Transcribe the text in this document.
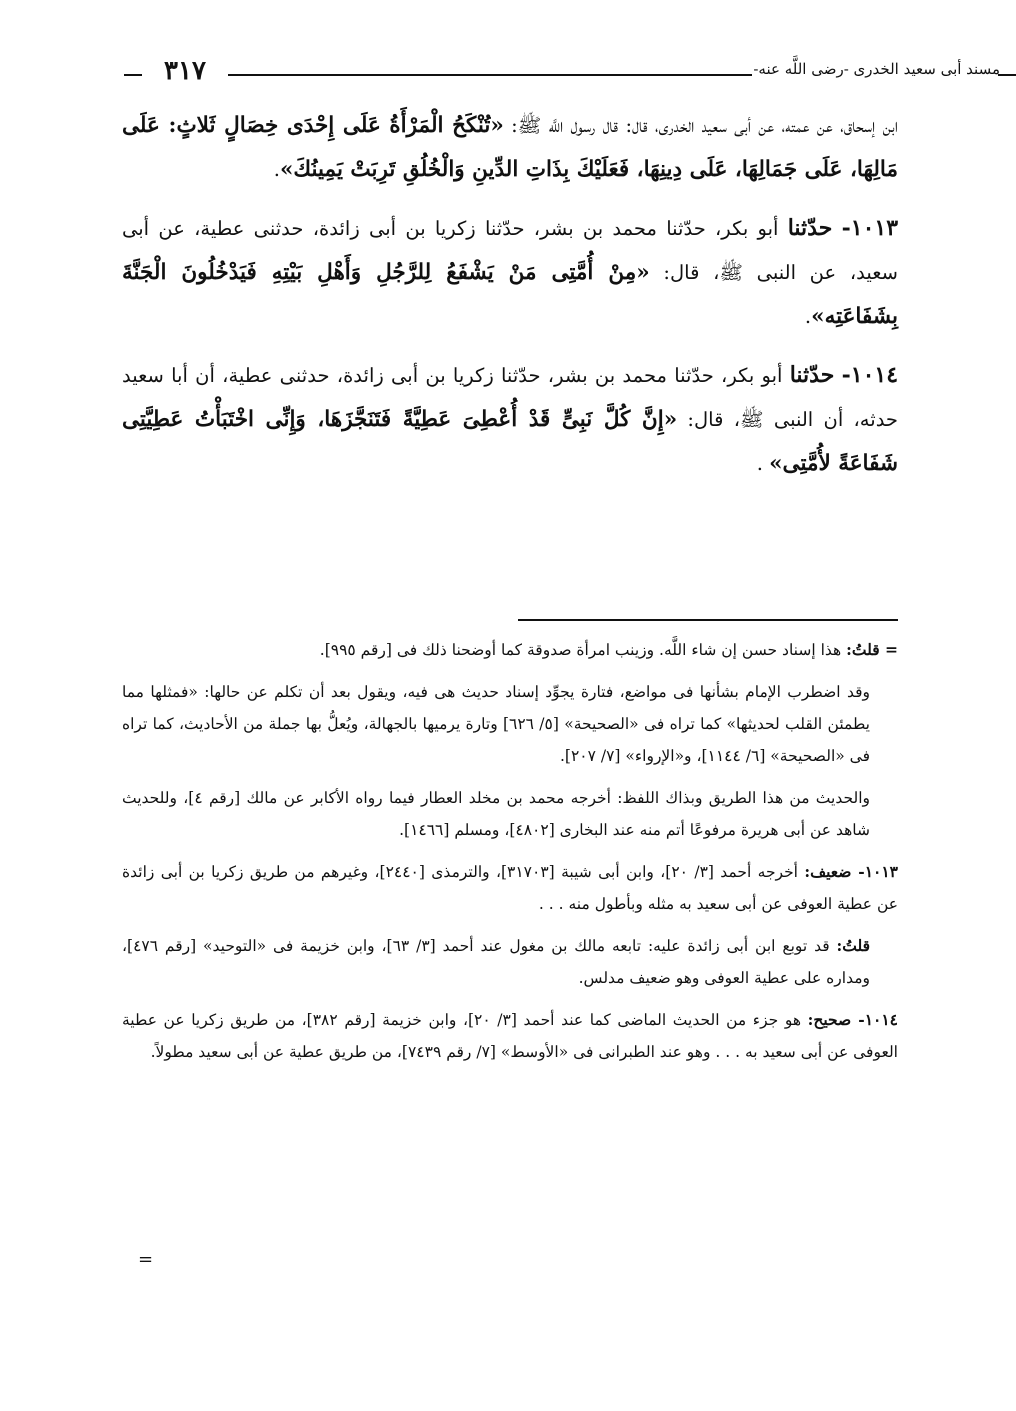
٣١٧	مسند أبى سعيد الخدرى -رضى اللَّه عنه-

ابن إسحاق، عن عمته، عن أبى سعيد الخدرى، قال: قال رسول اللَّه ﷺ: «تُنْكَحُ الْمَرْأَةُ عَلَى إِحْدَى خِصَالٍ ثَلاثٍ: عَلَى مَالِهَا، عَلَى جَمَالِهَا، عَلَى دِينِهَا، فَعَلَيْكَ بِذَاتِ الدِّينِ وَالْخُلُقِ تَرِبَتْ يَمِينُكَ».

١٠١٣- حدّثنا أبو بكر، حدّثنا محمد بن بشر، حدّثنا زكريا بن أبى زائدة، حدثنى عطية، عن أبى سعيد، عن النبى ﷺ، قال: «مِنْ أُمَّتِى مَنْ يَشْفَعُ لِلرَّجُلِ وَأَهْلِ بَيْتِهِ فَيَدْخُلُونَ الْجَنَّةَ بِشَفَاعَتِه».

١٠١٤- حدّثنا أبو بكر، حدّثنا محمد بن بشر، حدّثنا زكريا بن أبى زائدة، حدثنى عطية، أن أبا سعيد حدثه، أن النبى ﷺ، قال: «إِنَّ كُلَّ نَبِىٍّ قَدْ أُعْطِىَ عَطِيَّةً فَتَنَجَّزَهَا، وَإِنِّى اخْتَبَأْتُ عَطِيَّتِى شَفَاعَةً لأُمَّتِى» .

= قلتُ: هذا إسناد حسن إن شاء اللَّه. وزينب امرأة صدوقة كما أوضحنا ذلك فى [رقم ٩٩٥].

وقد اضطرب الإمام بشأنها فى مواضع، فتارة يجوِّد إسناد حديث هى فيه، ويقول بعد أن تكلم عن حالها: «فمثلها مما يطمئن القلب لحديثها» كما تراه فى «الصحيحة» [٥/ ٦٢٦] وتارة يرميها بالجهالة، ويُعلُّ بها جملة من الأحاديث، كما تراه فى «الصحيحة» [٦/ ١١٤٤]، و«الإرواء» [٧/ ٢٠٧].

والحديث من هذا الطريق وبذاك اللفظ: أخرجه محمد بن مخلد العطار فيما رواه الأكابر عن مالك [رقم ٤]، وللحديث شاهد عن أبى هريرة مرفوعًا أتم منه عند البخارى [٤٨٠٢]، ومسلم [١٤٦٦].

١٠١٣- ضعيف: أخرجه أحمد [٣/ ٢٠]، وابن أبى شيبة [٣١٧٠٣]، والترمذى [٢٤٤٠]، وغيرهم من طريق زكريا بن أبى زائدة عن عطية العوفى عن أبى سعيد به مثله وبأطول منه . . .

قلتُ: قد توبع ابن أبى زائدة عليه: تابعه مالك بن مغول عند أحمد [٣/ ٦٣]، وابن خزيمة فى «التوحيد» [رقم ٤٧٦]، ومداره على عطية العوفى وهو ضعيف مدلس.

١٠١٤- صحيح: هو جزء من الحديث الماضى كما عند أحمد [٣/ ٢٠]، وابن خزيمة [رقم ٣٨٢]، من طريق زكريا عن عطية العوفى عن أبى سعيد به . . . وهو عند الطبرانى فى «الأوسط» [٧/ رقم ٧٤٣٩]، من طريق عطية عن أبى سعيد مطولاً.

=
